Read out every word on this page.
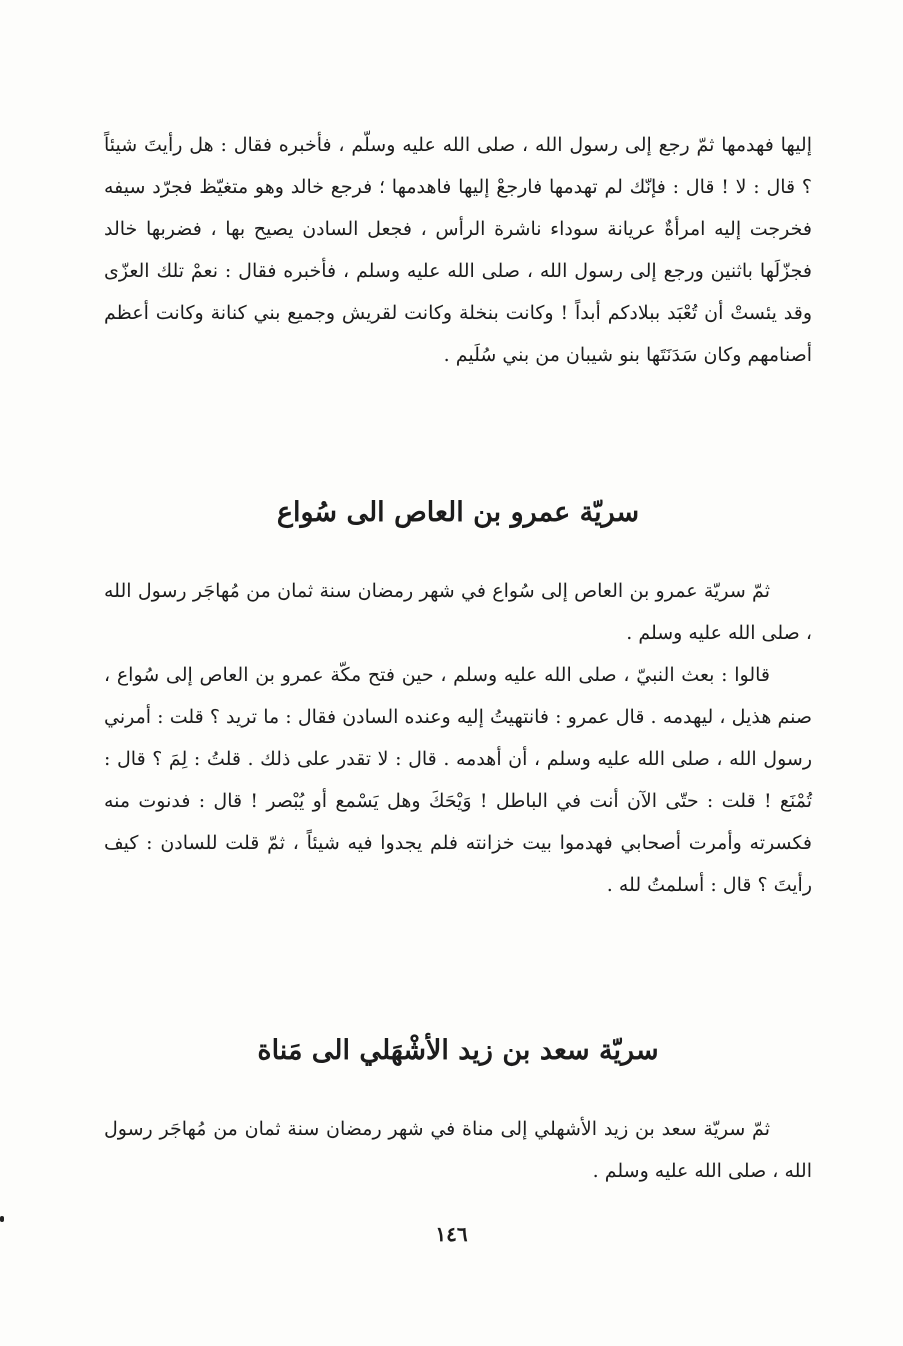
إليها فهدمها ثمّ رجع إلى رسول الله ، صلى الله عليه وسلّم ، فأخبره فقال : هل رأيتَ شيئاً ؟ قال : لا ! قال : فإنّك لم تهدمها فارجعْ إليها فاهدمها ؛ فرجع خالد وهو متغيّظ فجرّد سيفه فخرجت إليه امرأةٌ عريانة سوداء ناشرة الرأس ، فجعل السادن يصيح بها ، فضربها خالد فجزّلَها باثنين ورجع إلى رسول الله ، صلى الله عليه وسلم ، فأخبره فقال : نعمْ تلك العزّى وقد يئستْ أن تُعْبَد ببلادكم أبداً ! وكانت بنخلة وكانت لقريش وجميع بني كنانة وكانت أعظم أصنامهم وكان سَدَنَتَها بنو شيبان من بني سُلَيم .

سريّة عمرو بن العاص الى سُواع

ثمّ سريّة عمرو بن العاص إلى سُواع في شهر رمضان سنة ثمان من مُهاجَر رسول الله ، صلى الله عليه وسلم .

قالوا : بعث النبيّ ، صلى الله عليه وسلم ، حين فتح مكّة عمرو بن العاص إلى سُواع ، صنم هذيل ، ليهدمه . قال عمرو : فانتهيتُ إليه وعنده السادن فقال : ما تريد ؟ قلت : أمرني رسول الله ، صلى الله عليه وسلم ، أن أهدمه . قال : لا تقدر على ذلك . قلتُ : لِمَ ؟ قال : تُمْنَع ! قلت : حتّى الآن أنت في الباطل ! وَيْحَكَ وهل يَسْمع أو يُبْصر ! قال : فدنوت منه فكسرته وأمرت أصحابي فهدموا بيت خزانته فلم يجدوا فيه شيئاً ، ثمّ قلت للسادن : كيف رأيتَ ؟ قال : أسلمتُ لله .

سريّة سعد بن زيد الأشْهَلي الى مَناة

ثمّ سريّة سعد بن زيد الأشهلي إلى مناة في شهر رمضان سنة ثمان من مُهاجَر رسول الله ، صلى الله عليه وسلم .

١٤٦
